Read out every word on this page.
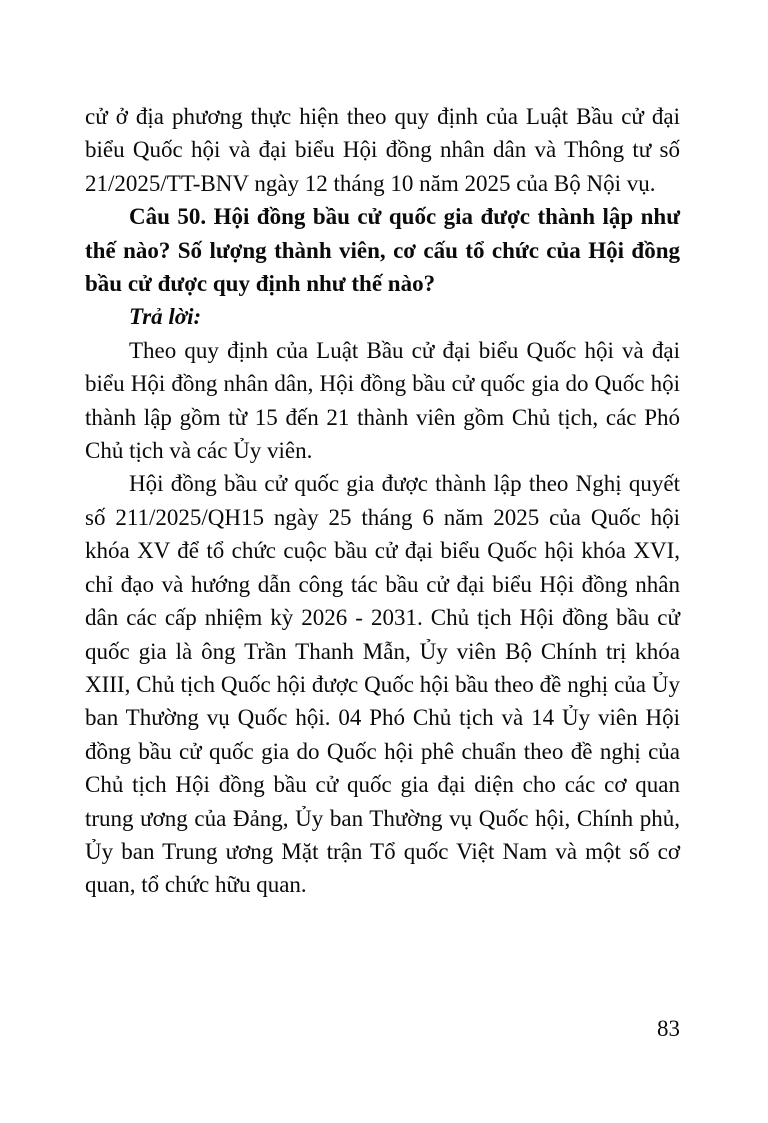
cử ở địa phương thực hiện theo quy định của Luật Bầu cử đại biểu Quốc hội và đại biểu Hội đồng nhân dân và Thông tư số 21/2025/TT-BNV ngày 12 tháng 10 năm 2025 của Bộ Nội vụ.

Câu 50. Hội đồng bầu cử quốc gia được thành lập như thế nào? Số lượng thành viên, cơ cấu tổ chức của Hội đồng bầu cử được quy định như thế nào?

Trả lời:

Theo quy định của Luật Bầu cử đại biểu Quốc hội và đại biểu Hội đồng nhân dân, Hội đồng bầu cử quốc gia do Quốc hội thành lập gồm từ 15 đến 21 thành viên gồm Chủ tịch, các Phó Chủ tịch và các Ủy viên.

Hội đồng bầu cử quốc gia được thành lập theo Nghị quyết số 211/2025/QH15 ngày 25 tháng 6 năm 2025 của Quốc hội khóa XV để tổ chức cuộc bầu cử đại biểu Quốc hội khóa XVI, chỉ đạo và hướng dẫn công tác bầu cử đại biểu Hội đồng nhân dân các cấp nhiệm kỳ 2026 - 2031. Chủ tịch Hội đồng bầu cử quốc gia là ông Trần Thanh Mẫn, Ủy viên Bộ Chính trị khóa XIII, Chủ tịch Quốc hội được Quốc hội bầu theo đề nghị của Ủy ban Thường vụ Quốc hội. 04 Phó Chủ tịch và 14 Ủy viên Hội đồng bầu cử quốc gia do Quốc hội phê chuẩn theo đề nghị của Chủ tịch Hội đồng bầu cử quốc gia đại diện cho các cơ quan trung ương của Đảng, Ủy ban Thường vụ Quốc hội, Chính phủ, Ủy ban Trung ương Mặt trận Tổ quốc Việt Nam và một số cơ quan, tổ chức hữu quan.

83
